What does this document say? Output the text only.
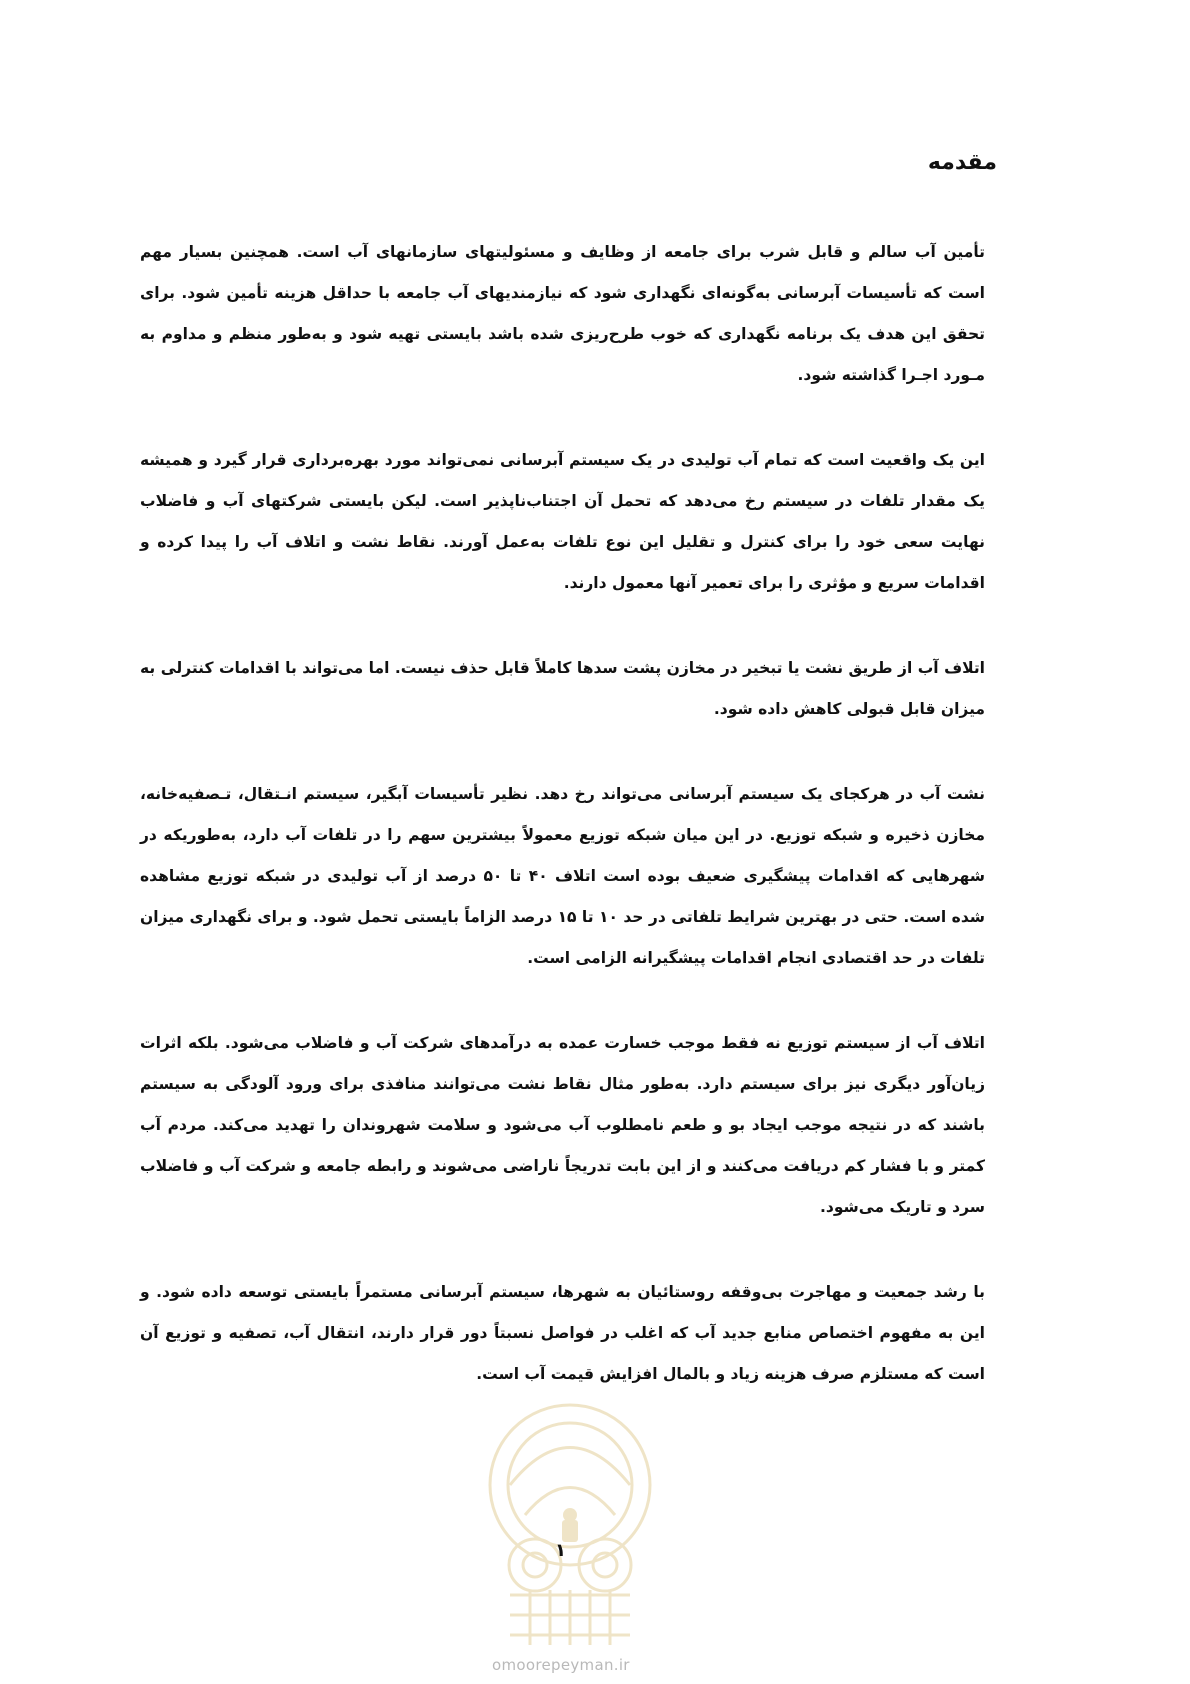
مقدمه

تأمین آب سالم و قابل شرب برای جامعه از وظایف و مسئولیتهای سازمانهای آب است. همچنین بسیار مهم است که تأسیسات آبرسانی به‌گونه‌ای نگهداری شود که نیازمندیهای آب جامعه با حداقل هزینه تأمین شود. برای تحقق این هدف یک برنامه نگهداری که خوب طرح‌ریزی شده باشد بایستی تهیه شود و به‌طور منظم و مداوم به مـورد اجـرا گذاشته شود.

این یک واقعیت است که تمام آب تولیدی در یک سیستم آبرسانی نمی‌تواند مورد بهره‌برداری قرار گیرد و همیشه یک مقدار تلفات در سیستم رخ می‌دهد که تحمل آن اجتناب‌ناپذیر است. لیکن بایستی شرکتهای آب و فاضلاب نهایت سعی خود را برای کنترل و تقلیل این نوع تلفات به‌عمل آورند. نقاط نشت و اتلاف آب را پیدا کرده و اقدامات سریع و مؤثری را برای تعمیر آنها معمول دارند.

اتلاف آب از طریق نشت یا تبخیر در مخازن پشت سدها کاملاً قابل حذف نیست. اما می‌تواند با اقدامات کنترلی به میزان قابل قبولی کاهش داده شود.

نشت آب در هرکجای یک سیستم آبرسانی می‌تواند رخ دهد. نظیر تأسیسات آبگیر، سیستم انـتقال، تـصفیه‌خانه، مخازن ذخیره و شبکه توزیع. در این میان شبکه توزیع معمولاً بیشترین سهم را در تلفات آب دارد، به‌طوریکه در شهرهایی که اقدامات پیشگیری ضعیف بوده است اتلاف ۴۰ تا ۵۰ درصد از آب تولیدی در شبکه توزیع مشاهده شده است. حتی در بهترین شرایط تلفاتی در حد ۱۰ تا ۱۵ درصد الزاماً بایستی تحمل شود. و برای نگهداری میزان تلفات در حد اقتصادی انجام اقدامات پیشگیرانه الزامی است.

اتلاف آب از سیستم توزیع نه فقط موجب خسارت عمده به درآمدهای شرکت آب و فاضلاب می‌شود. بلکه اثرات زیان‌آور دیگری نیز برای سیستم دارد. به‌طور مثال نقاط نشت می‌توانند منافذی برای ورود آلودگی به سیستم باشند که در نتیجه موجب ایجاد بو و طعم نامطلوب آب می‌شود و سلامت شهروندان را تهدید می‌کند. مردم آب کمتر و با فشار کم دریافت می‌کنند و از این بابت تدریجاً ناراضی می‌شوند و رابطه جامعه و شرکت آب و فاضلاب سرد و تاریک می‌شود.

با رشد جمعیت و مهاجرت بی‌وقفه روستائیان به شهرها، سیستم آبرسانی مستمراً بایستی توسعه داده شود. و این به مفهوم اختصاص منابع جدید آب که اغلب در فواصل نسبتاً دور قرار دارند، انتقال آب، تصفیه و توزیع آن است که مستلزم صرف هزینه زیاد و بالمال افزایش قیمت آب است.

۱
omoorepeyman.ir
